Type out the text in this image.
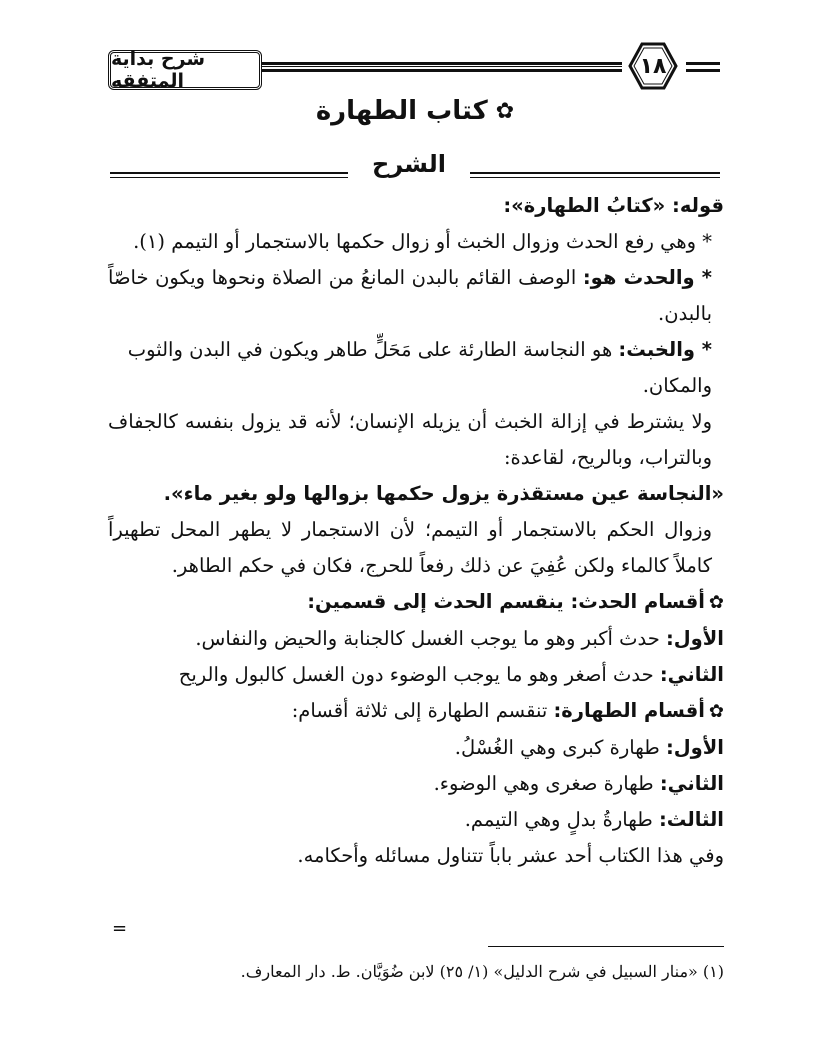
شرح بداية المتفقه
١٨
✿كتاب الطهارة
الشرح

قوله: «كتابُ الطهارة»:

* وهي رفع الحدث وزوال الخبث أو زوال حكمها بالاستجمار أو التيمم (١).

* والحدث هو: الوصف القائم بالبدن المانعُ من الصلاة ونحوها ويكون خاصّاً بالبدن.

* والخبث: هو النجاسة الطارئة على مَحَلٍّ طاهر ويكون في البدن والثوب والمكان.

ولا يشترط في إزالة الخبث أن يزيله الإنسان؛ لأنه قد يزول بنفسه كالجفاف وبالتراب، وبالريح، لقاعدة:

«النجاسة عين مستقذرة يزول حكمها بزوالها ولو بغير ماء».

وزوال الحكم بالاستجمار أو التيمم؛ لأن الاستجمار لا يطهر المحل تطهيراً كاملاً كالماء ولكن عُفِيَ عن ذلك رفعاً للحرج، فكان في حكم الطاهر.

✿أقسام الحدث: ينقسم الحدث إلى قسمين:

الأول: حدث أكبر وهو ما يوجب الغسل كالجنابة والحيض والنفاس.

الثاني: حدث أصغر وهو ما يوجب الوضوء دون الغسل كالبول والريح

✿أقسام الطهارة: تنقسم الطهارة إلى ثلاثة أقسام:

الأول: طهارة كبرى وهي الغُسْلُ.

الثاني: طهارة صغرى وهي الوضوء.

الثالث: طهارةُ بدلٍ وهي التيمم.

وفي هذا الكتاب أحد عشر باباً تتناول مسائله وأحكامه.

=
(١) «منار السبيل في شرح الدليل» (١/ ٢٥) لابن ضُوَيَّان. ط. دار المعارف.
